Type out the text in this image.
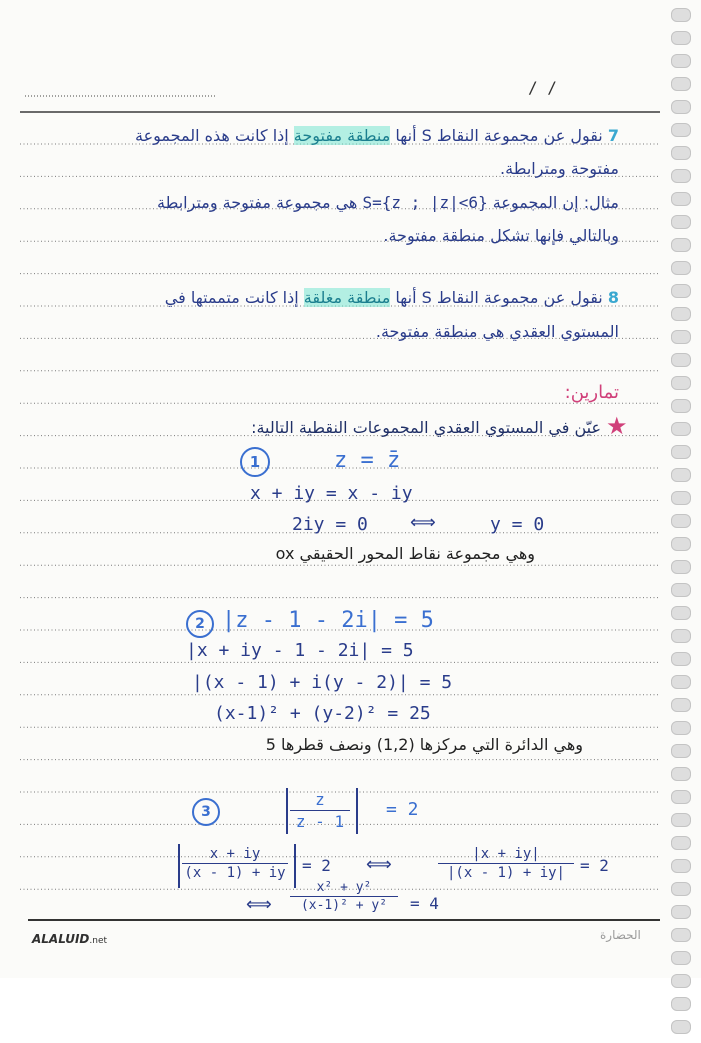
/ /
7 نقول عن مجموعة النقاط S أنها منطقة مفتوحة إذا كانت هذه المجموعة
مفتوحة ومترابطة.
مثال: إن المجموعة S={z ; |z|<6} هي مجموعة مفتوحة ومترابطة
وبالتالي فإنها تشكل منطقة مفتوحة.
8 نقول عن مجموعة النقاط S أنها منطقة مغلقة إذا كانت متممتها في
المستوي العقدي هي منطقة مفتوحة.
تمارين:
★
عيّن في المستوي العقدي المجموعات النقطية التالية:
1	z = z̄
x + iy = x - iy
2iy = 0 ⟺	y = 0
وهي مجموعة نقاط المحور الحقيقي ox
2 |z - 1 - 2i| = 5
|x + iy - 1 - 2i| = 5
|(x - 1) + i(y - 2)| = 5
(x-1)² + (y-2)² = 25
وهي الدائرة التي مركزها (1,2) ونصف قطرها 5
3	$\frac{z}{z - 1} = 2$
$\frac{x + iy}{(x - 1) + iy} = 2$ ⟺	$\frac{|x + iy|}{|(x - 1) + iy|} = 2$
⟺ $\frac{\text{x² + y²}}{\text{(x-1)² + y²}} = 4$
ALALUID.net	الحضارة
